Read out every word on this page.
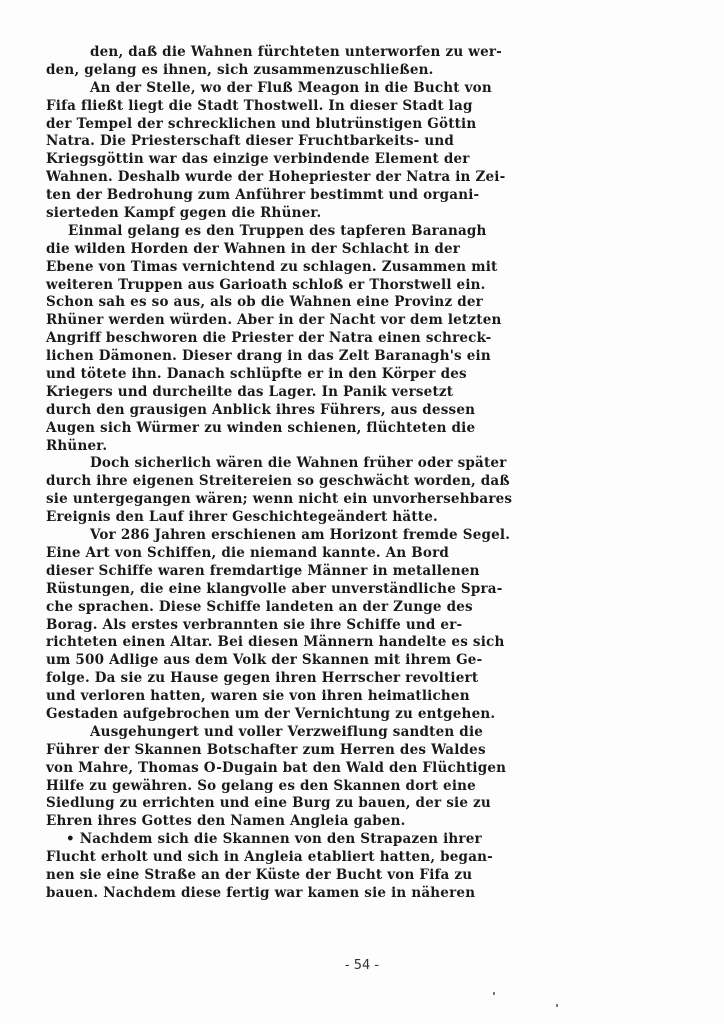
den, daß die Wahnen fürchteten unterworfen zu wer-
den, gelang es ihnen, sich zusammenzuschließen.
An der Stelle, wo der Fluß Meagon in die Bucht von
Fifa fließt liegt die Stadt Thostwell. In dieser Stadt lag
der Tempel der schrecklichen und blutrünstigen Göttin
Natra. Die Priesterschaft dieser Fruchtbarkeits- und
Kriegsgöttin war das einzige verbindende Element der
Wahnen. Deshalb wurde der Hohepriester der Natra in Zei-
ten der Bedrohung zum Anführer bestimmt und organi-
sierteden Kampf gegen die Rhüner.
Einmal gelang es den Truppen des tapferen Baranagh
die wilden Horden der Wahnen in der Schlacht in der
Ebene von Timas vernichtend zu schlagen. Zusammen mit
weiteren Truppen aus Garioath schloß er Thorstwell ein.
Schon sah es so aus, als ob die Wahnen eine Provinz der
Rhüner werden würden. Aber in der Nacht vor dem letzten
Angriff beschworen die Priester der Natra einen schreck-
lichen Dämonen. Dieser drang in das Zelt Baranagh's ein
und tötete ihn. Danach schlüpfte er in den Körper des
Kriegers und durcheilte das Lager. In Panik versetzt
durch den grausigen Anblick ihres Führers, aus dessen
Augen sich Würmer zu winden schienen, flüchteten die
Rhüner.
Doch sicherlich wären die Wahnen früher oder später
durch ihre eigenen Streitereien so geschwächt worden, daß
sie untergegangen wären; wenn nicht ein unvorhersehbares
Ereignis den Lauf ihrer Geschichtegeändert hätte.
Vor 286 Jahren erschienen am Horizont fremde Segel.
Eine Art von Schiffen, die niemand kannte. An Bord
dieser Schiffe waren fremdartige Männer in metallenen
Rüstungen, die eine klangvolle aber unverständliche Spra-
che sprachen. Diese Schiffe landeten an der Zunge des
Borag. Als erstes verbrannten sie ihre Schiffe und er-
richteten einen Altar. Bei diesen Männern handelte es sich
um 500 Adlige aus dem Volk der Skannen mit ihrem Ge-
folge. Da sie zu Hause gegen ihren Herrscher revoltiert
und verloren hatten, waren sie von ihren heimatlichen
Gestaden aufgebrochen um der Vernichtung zu entgehen.
Ausgehungert und voller Verzweiflung sandten die
Führer der Skannen Botschafter zum Herren des Waldes
von Mahre, Thomas O-Dugain bat den Wald den Flüchtigen
Hilfe zu gewähren. So gelang es den Skannen dort eine
Siedlung zu errichten und eine Burg zu bauen, der sie zu
Ehren ihres Gottes den Namen Angleia gaben.
• Nachdem sich die Skannen von den Strapazen ihrer
Flucht erholt und sich in Angleia etabliert hatten, began-
nen sie eine Straße an der Küste der Bucht von Fifa zu
bauen. Nachdem diese fertig war kamen sie in näheren
- 54 -
